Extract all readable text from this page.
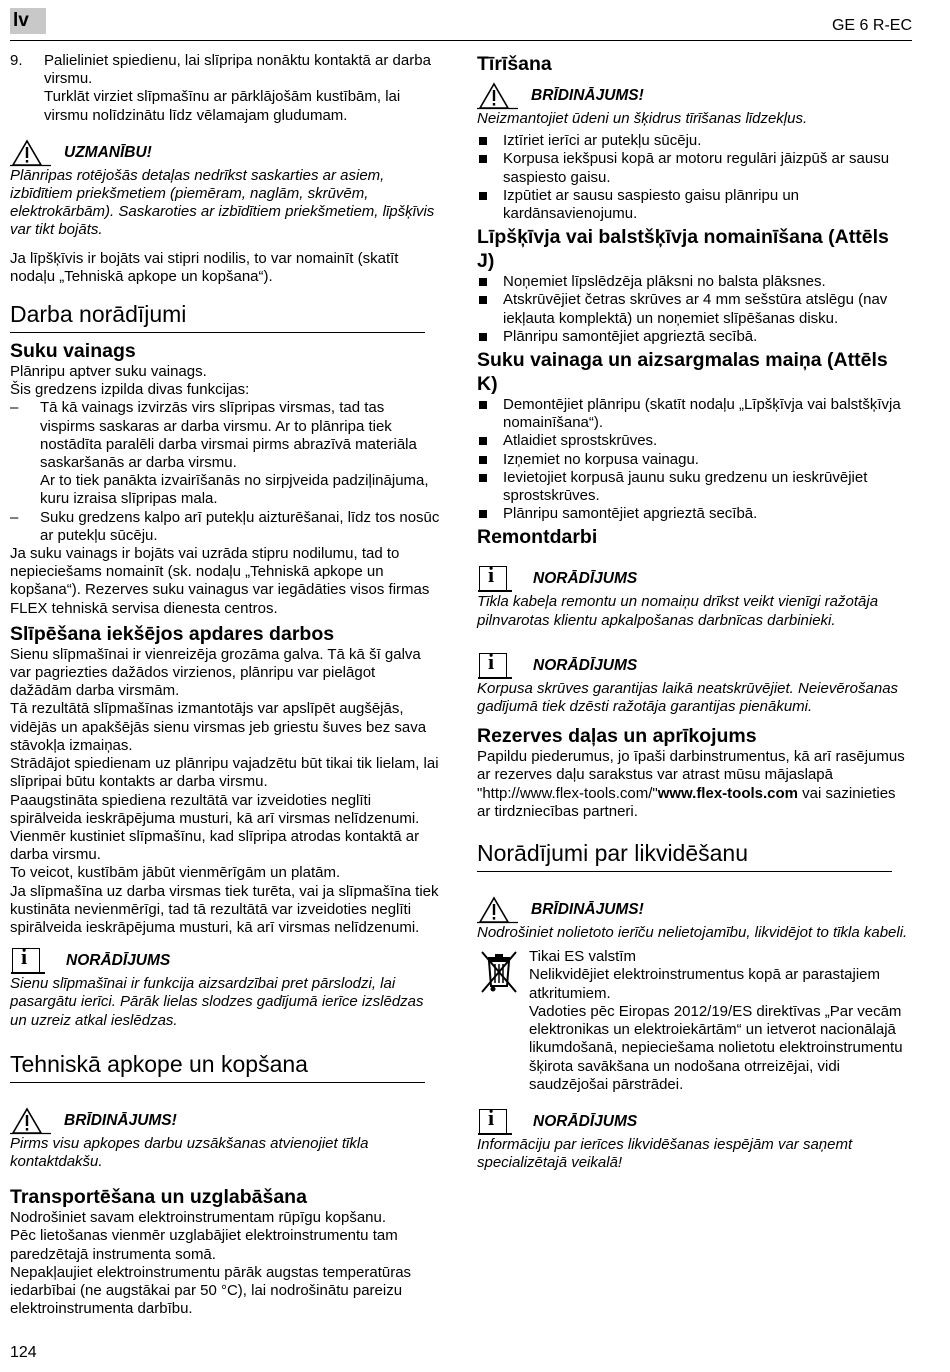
lv	GE 6 R-EC
9.	Palieliniet spiedienu, lai slīpripa nonāktu kontaktā ar darba virsmu.

Turklāt virziet slīpmašīnu ar pārklājošām kustībām, lai virsmu nolīdzinātu līdz vēlamajam gludumam.

UZMANĪBU!

Plānripas rotējošās detaļas nedrīkst saskarties ar asiem, izbīdītiem priekšmetiem (piemēram, naglām, skrūvēm, elektrokārbām). Saskaroties ar izbīdītiem priekšmetiem, līpšķīvis var tikt bojāts.

Ja līpšķīvis ir bojāts vai stipri nodilis, to var nomainīt (skatīt nodaļu „Tehniskā apkope un kopšana“).

Darba norādījumi
Suku vainags

Plānripu aptver suku vainags.

Šis gredzens izpilda divas funkcijas:

–	Tā kā vainags izvirzās virs slīpripas virsmas, tad tas vispirms saskaras ar darba virsmu. Ar to plānripa tiek nostādīta paralēli darba virsmai pirms abrazīvā materiāla saskaršanās ar darba virsmu.

Ar to tiek panākta izvairīšanās no sirpjveida padziļinājuma, kuru izraisa slīpripas mala.

–	Suku gredzens kalpo arī putekļu aizturēšanai, līdz tos nosūc ar putekļu sūcēju.

Ja suku vainags ir bojāts vai uzrāda stipru nodilumu, tad to nepieciešams nomainīt (sk. nodaļu „Tehniskā apkope un kopšana“). Rezerves suku vainagus var iegādāties visos firmas FLEX tehniskā servisa dienesta centros.

Slīpēšana iekšējos apdares darbos

Sienu slīpmašīnai ir vienreizēja grozāma galva. Tā kā šī galva var pagriezties dažādos virzienos, plānripu var pielāgot dažādām darba virsmām.

Tā rezultātā slīpmašīnas izmantotājs var apslīpēt augšējās, vidējās un apakšējās sienu virsmas jeb griestu šuves bez sava stāvokļa izmaiņas.

Strādājot spiedienam uz plānripu vajadzētu būt tikai tik lielam, lai slīpripai būtu kontakts ar darba virsmu.

Paaugstināta spiediena rezultātā var izveidoties neglīti spirālveida ieskrāpējuma musturi, kā arī virsmas nelīdzenumi.

Vienmēr kustiniet slīpmašīnu, kad slīpripa atrodas kontaktā ar darba virsmu.

To veicot, kustībām jābūt vienmērīgām un platām.

Ja slīpmašīna uz darba virsmas tiek turēta, vai ja slīpmašīna tiek kustināta nevienmērīgi, tad tā rezultātā var izveidoties neglīti spirālveida ieskrāpējuma musturi, kā arī virsmas nelīdzenumi.

i	NORĀDĪJUMS

Sienu slīpmašīnai ir funkcija aizsardzībai pret pārslodzi, lai pasargātu ierīci. Pārāk lielas slodzes gadījumā ierīce izslēdzas un uzreiz atkal ieslēdzas.

Tehniskā apkope un kopšana
BRĪDINĀJUMS!

Pirms visu apkopes darbu uzsākšanas atvienojiet tīkla kontaktdakšu.

Transportēšana un uzglabāšana

Nodrošiniet savam elektroinstrumentam rūpīgu kopšanu.

Pēc lietošanas vienmēr uzglabājiet elektroinstrumentu tam paredzētajā instrumenta somā.

Nepakļaujiet elektroinstrumentu pārāk augstas temperatūras iedarbībai (ne augstākai par 50 °C), lai nodrošinātu pareizu elektroinstrumenta darbību.

Tīrīšana
BRĪDINĀJUMS!

Neizmantojiet ūdeni un šķidrus tīrīšanas līdzekļus.

Iztīriet ierīci ar putekļu sūcēju.
Korpusa iekšpusi kopā ar motoru regulāri jāizpūš ar sausu saspiesto gaisu.
Izpūtiet ar sausu saspiesto gaisu plānripu un kardānsavienojumu.
Līpšķīvja vai balstšķīvja nomainīšana (Attēls J)
Noņemiet līpslēdzēja plāksni no balsta plāksnes.
Atskrūvējiet četras skrūves ar 4 mm sešstūra atslēgu (nav iekļauta komplektā) un noņemiet slīpēšanas disku.
Plānripu samontējiet apgrieztā secībā.
Suku vainaga un aizsargmalas maiņa (Attēls K)
Demontējiet plānripu (skatīt nodaļu „Līpšķīvja vai balstšķīvja nomainīšana“).
Atlaidiet sprostskrūves.
Izņemiet no korpusa vainagu.
Ievietojiet korpusā jaunu suku gredzenu un ieskrūvējiet sprostskrūves.
Plānripu samontējiet apgrieztā secībā.
Remontdarbi
i	NORĀDĪJUMS

Tīkla kabeļa remontu un nomaiņu drīkst veikt vienīgi ražotāja pilnvarotas klientu apkalpošanas darbnīcas darbinieki.

i	NORĀDĪJUMS

Korpusa skrūves garantijas laikā neatskrūvējiet. Neievērošanas gadījumā tiek dzēsti ražotāja garantijas pienākumi.

Rezerves daļas un aprīkojums

Papildu piederumus, jo īpaši darbinstrumentus, kā arī rasējumus ar rezerves daļu sarakstus var atrast mūsu mājaslapā "http://www.flex-tools.com/"www.flex-tools.com vai sazinieties ar tirdzniecības partneri.

Norādījumi par likvidēšanu
BRĪDINĀJUMS!

Nodrošiniet nolietoto ierīču nelietojamību, likvidējot to tīkla kabeli.

Tikai ES valstīm

Nelikvidējiet elektroinstrumentus kopā ar parastajiem atkritumiem.

Vadoties pēc Eiropas 2012/19/ES direktīvas „Par vecām elektronikas un elektroiekārtām“ un ietverot nacionālajā likumdošanā, nepieciešama nolietotu elektroinstrumentu šķirota savākšana un nodošana otrreizējai, vidi saudzējošai pārstrādei.

i	NORĀDĪJUMS

Informāciju par ierīces likvidēšanas iespējām var saņemt specializētajā veikalā!

124
